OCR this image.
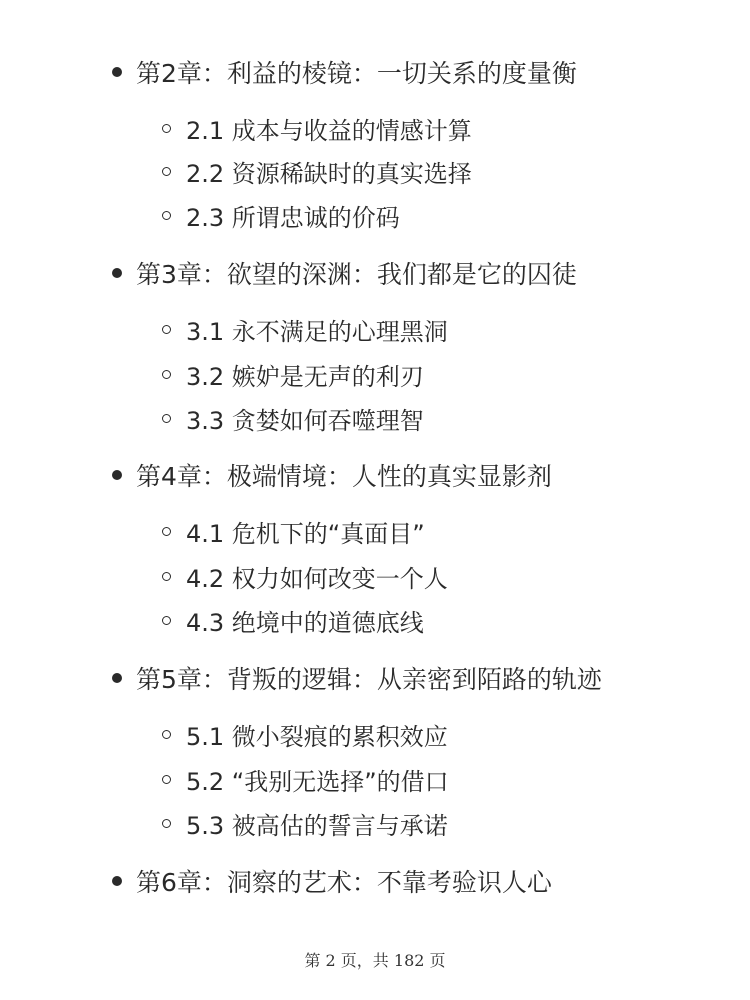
第2章：利益的棱镜：一切关系的度量衡
2.1 成本与收益的情感计算
2.2 资源稀缺时的真实选择
2.3 所谓忠诚的价码
第3章：欲望的深渊：我们都是它的囚徒
3.1 永不满足的心理黑洞
3.2 嫉妒是无声的利刃
3.3 贪婪如何吞噬理智
第4章：极端情境：人性的真实显影剂
4.1 危机下的“真面目”
4.2 权力如何改变一个人
4.3 绝境中的道德底线
第5章：背叛的逻辑：从亲密到陌路的轨迹
5.1 微小裂痕的累积效应
5.2 “我别无选择”的借口
5.3 被高估的誓言与承诺
第6章：洞察的艺术：不靠考验识人心
第 2 页，共 182 页
